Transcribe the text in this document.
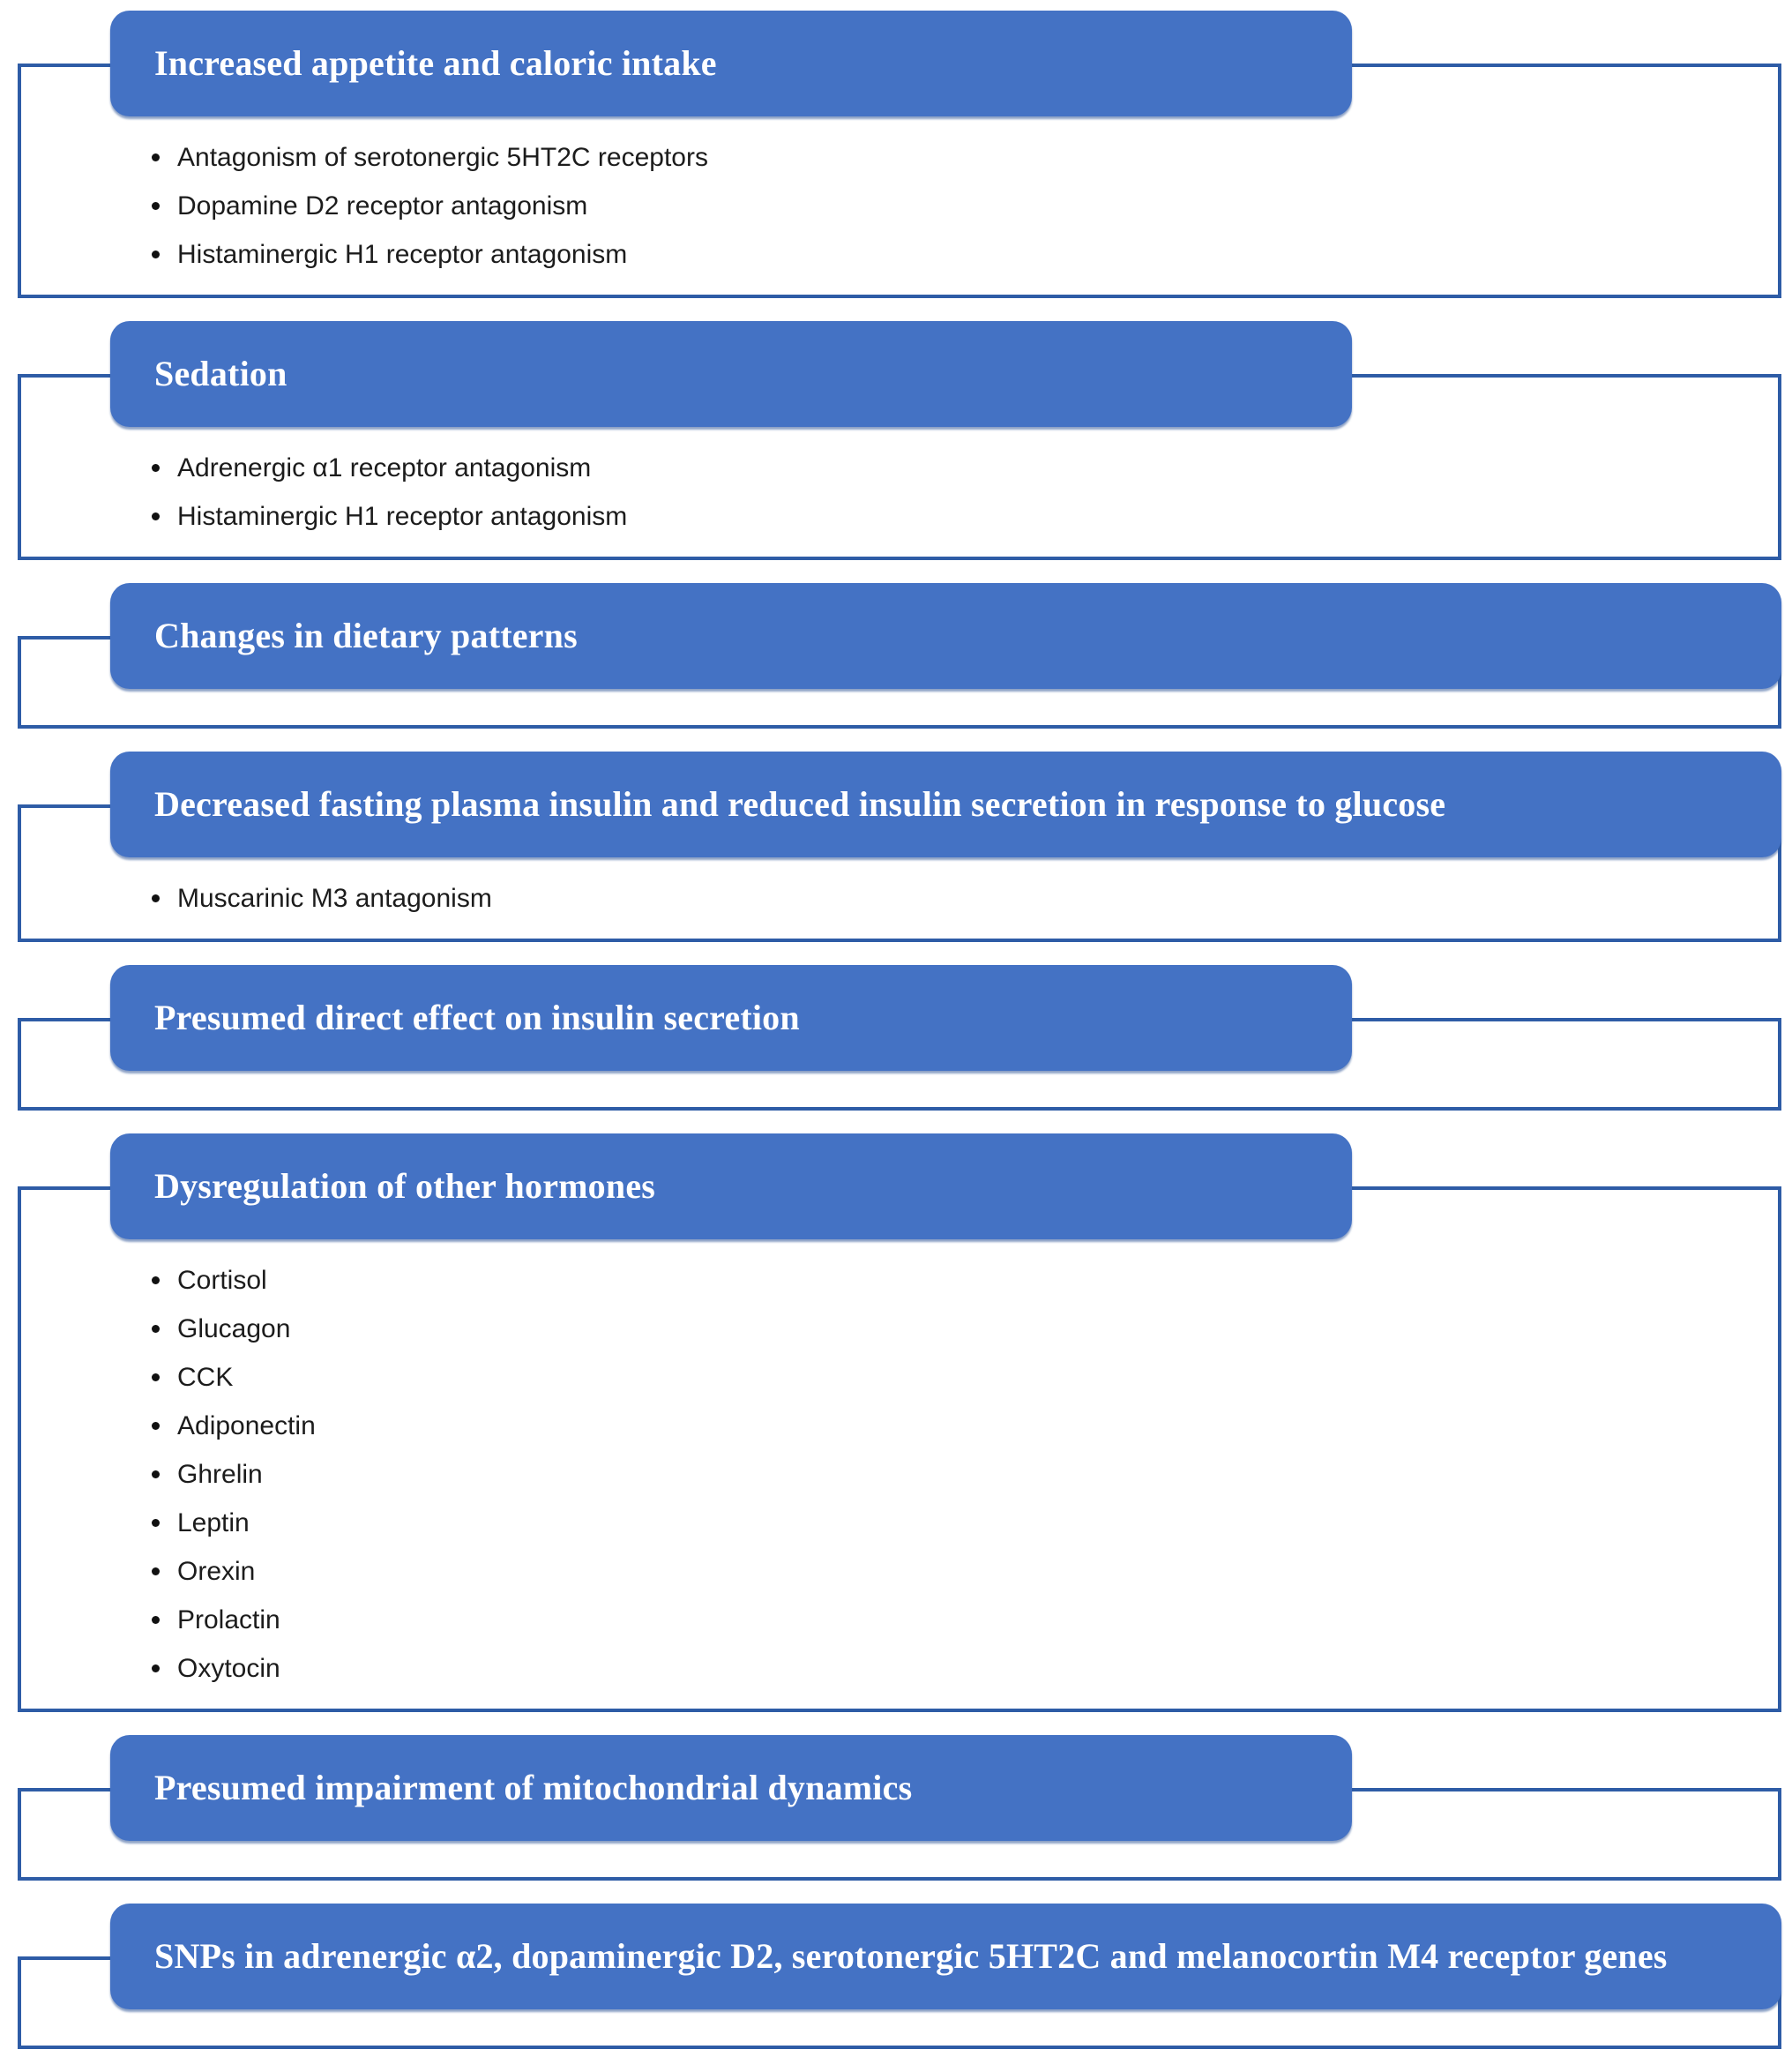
Increased appetite and caloric intake
Antagonism of serotonergic 5HT2C receptors
Dopamine D2 receptor antagonism
Histaminergic H1 receptor antagonism
Sedation
Adrenergic α1 receptor antagonism
Histaminergic H1 receptor antagonism
Changes in dietary patterns
Decreased fasting plasma insulin and reduced insulin secretion in response to glucose
Muscarinic M3 antagonism
Presumed direct effect on insulin secretion
Dysregulation of other hormones
Cortisol
Glucagon
CCK
Adiponectin
Ghrelin
Leptin
Orexin
Prolactin
Oxytocin
Presumed impairment of mitochondrial dynamics
SNPs in adrenergic α2, dopaminergic D2, serotonergic 5HT2C and melanocortin M4 receptor genes
